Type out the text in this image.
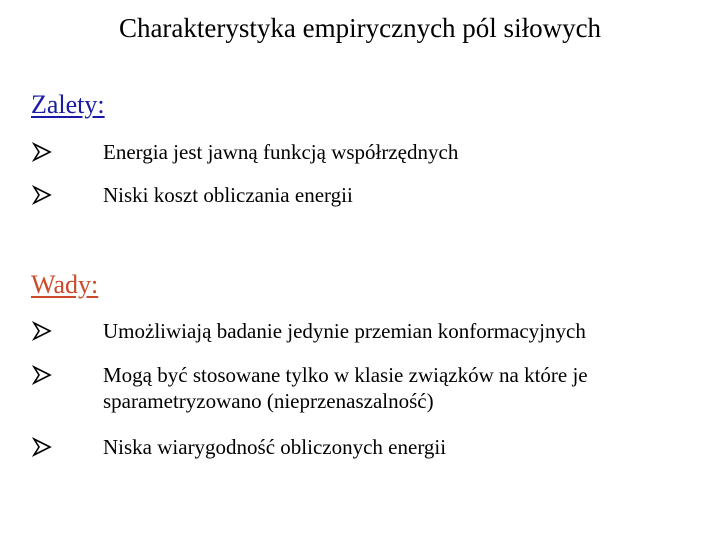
Charakterystyka empirycznych pól siłowych
Zalety:
Energia jest jawną funkcją współrzędnych
Niski koszt obliczania energii
Wady:
Umożliwiają badanie jedynie przemian konformacyjnych
Mogą być stosowane tylko w klasie związków na które je sparametryzowano (nieprzenaszalność)
Niska wiarygodność obliczonych energii
